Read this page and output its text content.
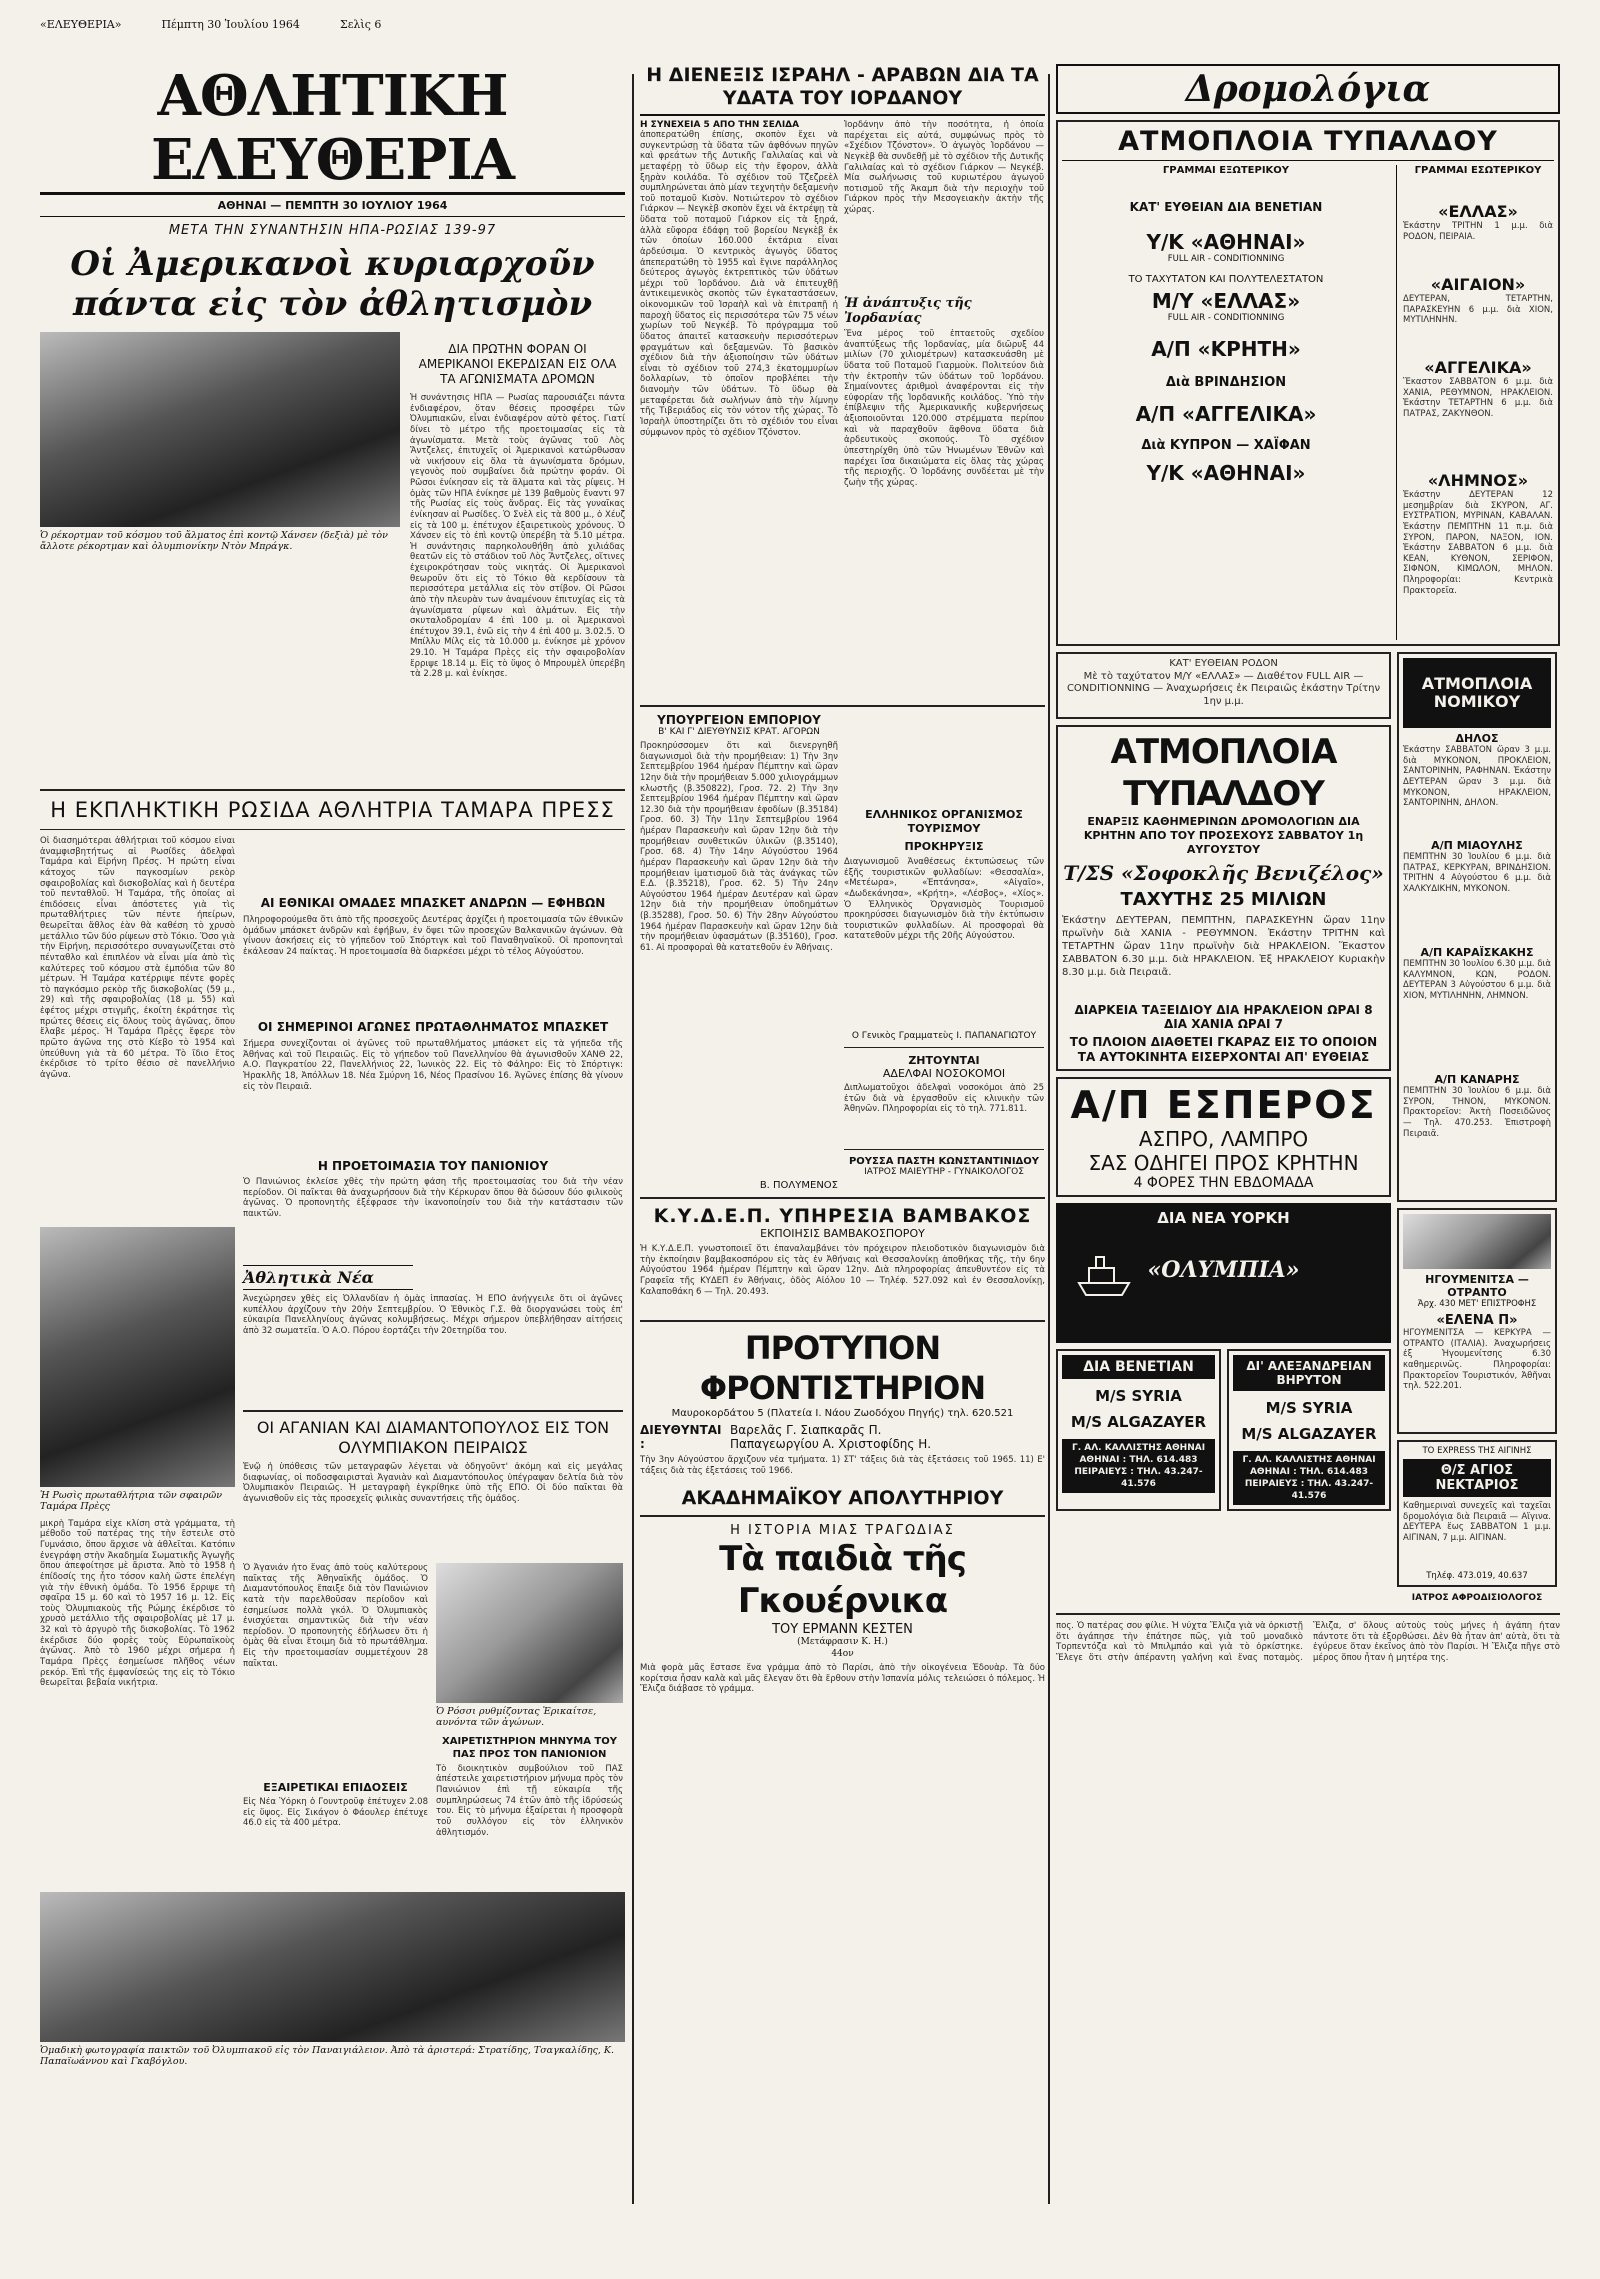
«ΕΛΕΥΘΕΡΙΑ»	Πέμπτη 30 Ἰουλίου 1964	Σελὶς 6
ΑΘΛΗΤΙΚΗ ΕΛΕΥΘΕΡΙΑ
ΑΘΗΝΑΙ — ΠΕΜΠΤΗ 30 ΙΟΥΛΙΟΥ 1964
ΜΕΤΑ ΤΗΝ ΣΥΝΑΝΤΗΣΙΝ ΗΠΑ-ΡΩΣΙΑΣ 139-97
Οἱ Ἀμερικανοὶ κυριαρχοῦν πάντα εἰς τὸν ἀθλητισμὸν
Ὁ ρέκορτμαν τοῦ κόσμου τοῦ ἅλματος ἐπὶ κοντῷ Χάνσεν (δεξιὰ) μὲ τὸν ἄλλοτε ρέκορτμαν καὶ ὀλυμπιονίκην Ντὸν Μπράγκ.
ΔΙΑ ΠΡΩΤΗΝ ΦΟΡΑΝ ΟΙ ΑΜΕΡΙΚΑΝΟΙ ΕΚΕΡΔΙΣΑΝ ΕΙΣ ΟΛΑ ΤΑ ΑΓΩΝΙΣΜΑΤΑ ΔΡΟΜΩΝ
Ἡ συνάντησις ΗΠΑ — Ρωσίας παρουσιάζει πάντα ἐνδιαφέρον, ὅταν θέσεις προσφέρει τῶν Ὀλυμπιακῶν, εἶναι ἐνδιαφέρον αὐτὸ φέτος. Γιατί δίνει τὸ μέτρο τῆς προετοιμασίας εἰς τὰ ἀγωνίσματα. Μετὰ τοὺς ἀγῶνας τοῦ Λὸς Ἄντζελες, ἐπιτυχεῖς οἱ Ἀμερικανοὶ κατώρθωσαν νὰ νικήσουν εἰς ὅλα τὰ ἀγωνίσματα δρόμων, γεγονὸς ποὺ συμβαίνει διὰ πρώτην φοράν. Οἱ Ρῶσοι ἐνίκησαν εἰς τὰ ἅλματα καὶ τὰς ρίψεις. Ἡ ὁμὰς τῶν ΗΠΑ ἐνίκησε μὲ 139 βαθμοὺς ἔναντι 97 τῆς Ρωσίας εἰς τοὺς ἄνδρας. Εἰς τὰς γυναῖκας ἐνίκησαν αἱ Ρωσίδες. Ὁ Σνὲλ εἰς τὰ 800 μ., ὁ Χέυζ εἰς τὰ 100 μ. ἐπέτυχον ἐξαιρετικοὺς χρόνους. Ὁ Χάνσεν εἰς τὸ ἐπὶ κοντῷ ὑπερέβη τὰ 5.10 μέτρα. Ἡ συνάντησις παρηκολουθήθη ἀπὸ χιλιάδας θεατῶν εἰς τὸ στάδιον τοῦ Λὸς Ἄντζελες, οἵτινες ἐχειροκρότησαν τοὺς νικητάς. Οἱ Ἀμερικανοὶ θεωροῦν ὅτι εἰς τὸ Τόκιο θὰ κερδίσουν τὰ περισσότερα μετάλλια εἰς τὸν στίβον. Οἱ Ρῶσοι ἀπὸ τὴν πλευρὰν των ἀναμένουν ἐπιτυχίας εἰς τὰ ἀγωνίσματα ρίψεων καὶ ἁλμάτων. Εἰς τὴν σκυταλοδρομίαν 4 ἐπὶ 100 μ. οἱ Ἀμερικανοὶ ἐπέτυχον 39.1, ἐνῶ εἰς τὴν 4 ἐπὶ 400 μ. 3.02.5. Ὁ Μπίλλυ Μίλς εἰς τὰ 10.000 μ. ἐνίκησε μὲ χρόνον 29.10. Ἡ Ταμάρα Πρὲςς εἰς τὴν σφαιροβολίαν ἔρριψε 18.14 μ. Εἰς τὸ ὕψος ὁ Μπρουμὲλ ὑπερέβη τὰ 2.28 μ. καὶ ἐνίκησε.
Η ΕΚΠΛΗΚΤΙΚΗ ΡΩΣΙΔΑ ΑΘΛΗΤΡΙΑ ΤΑΜΑΡΑ ΠΡΕΣΣ
Οἱ διασημότεραι ἀθλήτριαι τοῦ κόσμου εἶναι ἀναμφισβητήτως αἱ Ρωσίδες ἀδελφαὶ Ταμάρα καὶ Εἰρήνη Πρέσς. Ἡ πρώτη εἶναι κάτοχος τῶν παγκοσμίων ρεκὸρ σφαιροβολίας καὶ δισκοβολίας καὶ ἡ δευτέρα τοῦ πενταθλοῦ. Ἡ Ταμάρα, τῆς ὁποίας αἱ ἐπιδόσεις εἶναι ἀπόστετες γιὰ τὶς πρωταθλήτριες τῶν πέντε ἠπείρων, θεωρεῖται ἄθλος ἐὰν θὰ καθέση τὸ χρυσὸ μετάλλιο τῶν δύο ρίψεων στὸ Τόκιο. Ὅσο γιὰ τὴν Εἰρήνη, περισσότερο συναγωνίζεται στὸ πένταθλο καὶ ἐπιπλέον νὰ εἶναι μία ἀπὸ τὶς καλύτερες τοῦ κόσμου στὰ ἐμπόδια τῶν 80 μέτρων. Ἡ Ταμάρα κατέρριψε πέντε φορὲς τὸ παγκόσμιο ρεκὸρ τῆς δισκοβολίας (59 μ., 29) καὶ τῆς σφαιροβολίας (18 μ. 55) καὶ ἐφέτος μέχρι στιγμῆς, ἐκοίτη ἐκράτησε τὶς πρώτες θέσεις εἰς ὅλους τοὺς ἀγῶνας, ὅπου ἔλαβε μέρος. Ἡ Ταμάρα Πρὲςς ἔφερε τὸν πρῶτο ἀγῶνα της στὸ Κίεβο τὸ 1954 καὶ ὑπεύθυνη γιὰ τὰ 60 μέτρα. Τὸ ἴδιο ἔτος ἐκέρδισε τὸ τρίτο θέσιο σὲ πανελλήνιο ἀγῶνα.
Ἡ Ρωσὶς πρωταθλήτρια τῶν σφαιρῶν Ταμάρα Πρὲςς
μικρὴ Ταμάρα εἶχε κλίση στὰ γράμματα, τὴ μέθοδο τοῦ πατέρας της τὴν ἔστειλε στὸ Γυμνάσιο, ὅπου ἄρχισε νὰ ἀθλεῖται. Κατόπιν ἐνεγράφη στὴν Ἀκαδημία Σωματικῆς Ἀγωγῆς ὅπου ἀπεφοίτησε μὲ ἄριστα. Ἀπὸ τὸ 1958 ἡ ἐπίδοσίς της ἦτο τόσον καλὴ ὥστε ἐπελέγη γιὰ τὴν ἐθνικὴ ὁμάδα. Τὸ 1956 ἔρριψε τὴ σφαῖρα 15 μ. 60 καὶ τὸ 1957 16 μ. 12. Εἰς τοὺς Ὀλυμπιακοὺς τῆς Ρώμης ἐκέρδισε τὸ χρυσὸ μετάλλιο τῆς σφαιροβολίας μὲ 17 μ. 32 καὶ τὸ ἀργυρὸ τῆς δισκοβολίας. Τὸ 1962 ἐκέρδισε δύο φορὲς τοὺς Εὐρωπαϊκοὺς ἀγῶνας. Ἀπὸ τὸ 1960 μέχρι σήμερα ἡ Ταμάρα Πρὲςς ἐσημείωσε πλῆθος νέων ρεκόρ. Ἐπὶ τῆς ἐμφανίσεώς της εἰς τὸ Τόκιο θεωρεῖται βεβαία νικήτρια.
ΑΙ ΕΘΝΙΚΑΙ ΟΜΑΔΕΣ ΜΠΑΣΚΕΤ ΑΝΔΡΩΝ — ΕΦΗΒΩΝ
Πληροφορούμεθα ὅτι ἀπὸ τῆς προσεχοῦς Δευτέρας ἀρχίζει ἡ προετοιμασία τῶν ἐθνικῶν ὁμάδων μπάσκετ ἀνδρῶν καὶ ἐφήβων, ἐν ὄψει τῶν προσεχῶν Βαλκανικῶν ἀγώνων. Θὰ γίνουν ἀσκήσεις εἰς τὸ γήπεδον τοῦ Σπόρτιγκ καὶ τοῦ Παναθηναϊκοῦ. Οἱ προπονηταὶ ἐκάλεσαν 24 παίκτας. Ἡ προετοιμασία θὰ διαρκέσει μέχρι τὸ τέλος Αὐγούστου.
ΟΙ ΣΗΜΕΡΙΝΟΙ ΑΓΩΝΕΣ ΠΡΩΤΑΘΛΗΜΑΤΟΣ ΜΠΑΣΚΕΤ
Σήμερα συνεχίζονται οἱ ἀγῶνες τοῦ πρωταθλήματος μπάσκετ εἰς τὰ γήπεδα τῆς Ἀθήνας καὶ τοῦ Πειραιῶς. Εἰς τὸ γήπεδον τοῦ Πανελληνίου θὰ ἀγωνισθοῦν ΧΑΝΘ 22, Α.Ο. Παγκρατίου 22, Πανελλήνιος 22, Ἰωνικὸς 22. Εἰς τὸ Φάληρο: Εἰς τὸ Σπόρτιγκ: Ἡρακλῆς 18, Ἀπόλλων 18. Νέα Σμύρνη 16, Νέος Πρασίνου 16. Ἀγῶνες ἐπίσης θὰ γίνουν εἰς τὸν Πειραιᾶ.
Η ΠΡΟΕΤΟΙΜΑΣΙΑ ΤΟΥ ΠΑΝΙΟΝΙΟΥ
Ὁ Πανιώνιος ἐκλείσε χθὲς τὴν πρώτη φάση τῆς προετοιμασίας του διὰ τὴν νέαν περίοδον. Οἱ παῖκται θὰ ἀναχωρήσουν διὰ τὴν Κέρκυραν ὅπου θὰ δώσουν δύο φιλικοὺς ἀγῶνας. Ὁ προπονητὴς ἐξέφρασε τὴν ἱκανοποίησίν του διὰ τὴν κατάστασιν τῶν παικτῶν.
Ἀθλητικὰ Νέα
Ἀνεχώρησεν χθὲς εἰς Ὀλλανδίαν ἡ ὁμὰς ἱππασίας. Ἡ ΕΠΟ ἀνήγγειλε ὅτι οἱ ἀγῶνες κυπέλλου ἀρχίζουν τὴν 20ὴν Σεπτεμβρίου. Ὁ Ἐθνικὸς Γ.Σ. θὰ διοργανώσει τοὺς ἐπ' εὐκαιρία Πανελληνίους ἀγῶνας κολυμβήσεως. Μέχρι σήμερον ὑπεβλήθησαν αἰτήσεις ἀπὸ 32 σωματεῖα. Ὁ Α.Ο. Πόρου ἑορτάζει τὴν 20ετηρίδα του.
ΟΙ ΑΓΑΝΙΑΝ ΚΑΙ ΔΙΑΜΑΝΤΟΠΟΥΛΟΣ ΕΙΣ ΤΟΝ ΟΛΥΜΠΙΑΚΟΝ ΠΕΙΡΑΙΩΣ
Ἐνῷ ἡ ὑπόθεσις τῶν μεταγραφῶν λέγεται νὰ ὁδηγοῦντ' ἀκόμη καὶ εἰς μεγάλας διαφωνίας, οἱ ποδοσφαιρισταὶ Ἀγανιὰν καὶ Διαμαντόπουλος ὑπέγραψαν δελτία διὰ τὸν Ὀλυμπιακὸν Πειραιῶς. Ἡ μεταγραφὴ ἐγκρίθηκε ὑπὸ τῆς ΕΠΟ. Οἱ δύο παῖκται θὰ ἀγωνισθοῦν εἰς τὰς προσεχεῖς φιλικὰς συναντήσεις τῆς ὁμάδος.
Ὁ Ἀγανιάν ἦτο ἕνας ἀπὸ τοὺς καλύτερους παῖκτας τῆς Ἀθηναϊκῆς ὁμάδος. Ὁ Διαμαντόπουλος ἔπαιξε διὰ τὸν Πανιώνιον κατὰ τὴν παρελθοῦσαν περίοδον καὶ ἐσημείωσε πολλὰ γκόλ. Ὁ Ὀλυμπιακὸς ἐνισχύεται σημαντικῶς διὰ τὴν νέαν περίοδον. Ὁ προπονητὴς ἐδήλωσεν ὅτι ἡ ὁμὰς θὰ εἶναι ἕτοιμη διὰ τὸ πρωτάθλημα. Εἰς τὴν προετοιμασίαν συμμετέχουν 28 παῖκται.
ΕΞΑΙΡΕΤΙΚΑΙ ΕΠΙΔΟΣΕΙΣ
Εἰς Νέα Ὑόρκη ὁ Γουντροῦφ ἐπέτυχεν 2.08 εἰς ὕψος. Εἰς Σικάγον ὁ Φάουλερ ἐπέτυχε 46.0 εἰς τὰ 400 μέτρα.
Ὁ Ρόσσι ρυθμίζοντας Ἐρικαίτσε, αυνόντα τῶν ἀγώνων.
ΧΑΙΡΕΤΙΣΤΗΡΙΟΝ ΜΗΝΥΜΑ ΤΟΥ ΠΑΣ ΠΡΟΣ ΤΟΝ ΠΑΝΙΟΝΙΟΝ
Τὸ διοικητικὸν συμβούλιον τοῦ ΠΑΣ ἀπέστειλε χαιρετιστήριον μήνυμα πρὸς τὸν Πανιώνιον ἐπὶ τῇ εὐκαιρία τῆς συμπληρώσεως 74 ἐτῶν ἀπὸ τῆς ἱδρύσεώς του. Εἰς τὸ μήνυμα ἐξαίρεται ἡ προσφορὰ τοῦ συλλόγου εἰς τὸν ἑλληνικὸν ἀθλητισμόν.
Ὁμαδικὴ φωτογραφία παικτῶν τοῦ Ὀλυμπιακοῦ εἰς τὸν Παναιγιάλειον. Ἀπὸ τὰ ἀριστερά: Στρατίδης, Τσαγκαλίδης, Κ. Παπαϊωάννου καὶ Γκαβόγλου.
Η ΔΙΕΝΕΞΙΣ ΙΣΡΑΗΛ - ΑΡΑΒΩΝ ΔΙΑ ΤΑ ΥΔΑΤΑ ΤΟΥ ΙΟΡΔΑΝΟΥ
Η ΣΥΝΕΧΕΙΑ 5 ΑΠΟ ΤΗΝ ΣΕΛΙΔΑ
ἀποπερατώθη ἐπίσης, σκοπὸν ἔχει νὰ συγκεντρώσῃ τὰ ὕδατα τῶν ἀφθόνων πηγῶν καὶ φρεάτων τῆς Δυτικῆς Γαλιλαίας καὶ νὰ μεταφέρῃ τὸ ὕδωρ εἰς τὴν ἔφορον, ἀλλὰ ξηρὰν κοιλάδα. Τὸ σχέδιον τοῦ Τζεζρεὲλ συμπληρώνεται ἀπὸ μίαν τεχνητὴν δεξαμενὴν τοῦ ποταμοῦ Κισὸν. Νοτιώτερον τὸ σχέδιον Γιάρκον — Νεγκὲβ σκοπὸν ἔχει νὰ ἐκτρέψῃ τὰ ὕδατα τοῦ ποταμοῦ Γιάρκον εἰς τὰ ξηρά, ἀλλὰ εὔφορα ἐδάφη τοῦ βορείου Νεγκὲβ ἐκ τῶν ὁποίων 160.000 ἐκτάρια εἶναι ἀρδεύσιμα. Ὁ κεντρικὸς ἀγωγὸς ὕδατος ἀπεπερατώθη τὸ 1955 καὶ ἔγινε παράλληλος δεύτερος ἀγωγὸς ἐκτρεπτικὸς τῶν ὑδάτων μέχρι τοῦ Ἰορδάνου. Διὰ νὰ ἐπιτευχθῇ ἀντικειμενικὸς σκοπὸς τῶν ἐγκαταστάσεων, οἰκονομικῶν τοῦ Ἰσραὴλ καὶ νὰ ἐπιτραπῇ ἡ παροχὴ ὕδατος εἰς περισσότερα τῶν 75 νέων χωρίων τοῦ Νεγκέβ. Τὸ πρόγραμμα τοῦ ὕδατος ἀπαιτεῖ κατασκευὴν περισσότερων φραγμάτων καὶ δεξαμενῶν. Τὸ βασικὸν σχέδιον διὰ τὴν ἀξιοποίησιν τῶν ὑδάτων εἶναι τὸ σχέδιον τοῦ 274,3 ἑκατομμυρίων δολλαρίων, τὸ ὁποῖον προβλέπει τὴν διανομὴν τῶν ὑδάτων. Τὸ ὕδωρ θὰ μεταφέρεται διὰ σωλήνων ἀπὸ τὴν λίμνην τῆς Τιβεριάδος εἰς τὸν νότον τῆς χώρας. Τὸ Ἰσραὴλ ὑποστηρίζει ὅτι τὸ σχέδιόν του εἶναι σύμφωνον πρὸς τὸ σχέδιον Τζόνστον.
Ἰορδάνην ἀπὸ τὴν ποσότητα, ἡ ὁποία παρέχεται εἰς αὐτά, συμφώνως πρὸς τὸ «Σχέδιον Τζόνστον». Ὁ ἀγωγὸς Ἰορδάνου — Νεγκὲβ θὰ συνδεθῇ μὲ τὸ σχέδιον τῆς Δυτικῆς Γαλιλαίας καὶ τὸ σχέδιον Γιάρκον — Νεγκέβ. Μία σωλήνωσις τοῦ κυριωτέρου ἀγωγοῦ ποτισμοῦ τῆς Ἀκαμπ διὰ τὴν περιοχὴν τοῦ Γιάρκον πρὸς τὴν Μεσογειακὴν ἀκτὴν τῆς χώρας.
Ἡ ἀνάπτυξις τῆς Ἰορδανίας
Ἕνα μέρος τοῦ ἐπταετοῦς σχεδίου ἀναπτύξεως τῆς Ἰορδανίας, μία διῶρυξ 44 μιλίων (70 χιλιομέτρων) κατασκευάσθη μὲ ὕδατα τοῦ Ποταμοῦ Γιαρμοὺκ. Πολιτεύον διὰ τὴν ἐκτροπὴν τῶν ὑδάτων τοῦ Ἰορδάνου. Σημαίνοντες ἀριθμοὶ ἀναφέρονται εἰς τὴν εὐφορίαν τῆς Ἰορδανικῆς κοιλάδος. Ὑπὸ τὴν ἐπίβλεψιν τῆς Ἀμερικανικῆς κυβερνήσεως ἀξιοποιοῦνται 120.000 στρέμματα περίπου καὶ νὰ παραχθοῦν ἄφθονα ὕδατα διὰ ἀρδευτικοὺς σκοπούς. Τὸ σχέδιον ὑπεστηρίχθη ὑπὸ τῶν Ἡνωμένων Ἐθνῶν καὶ παρέχει ἴσα δικαιώματα εἰς ὅλας τὰς χώρας τῆς περιοχῆς. Ὁ Ἰορδάνης συνδέεται μὲ τὴν ζωὴν τῆς χώρας.
ΥΠΟΥΡΓΕΙΟΝ ΕΜΠΟΡΙΟΥ
Β' ΚΑΙ Γ' ΔΙΕΥΘΥΝΣΙΣ ΚΡΑΤ. ΑΓΟΡΩΝ
Προκηρύσσομεν ὅτι καὶ διενεργηθῆ διαγωνισμοὶ διὰ τὴν προμήθειαν: 1) Τὴν 3ην Σεπτεμβρίου 1964 ἡμέραν Πέμπτην καὶ ὥραν 12ην διὰ τὴν προμήθειαν 5.000 χιλιογράμμων κλωστῆς (β.350822), Γροσ. 72. 2) Τὴν 3ην Σεπτεμβρίου 1964 ἡμέραν Πέμπτην καὶ ὥραν 12.30 διὰ τὴν προμήθειαν ἐφοδίων (β.35184) Γροσ. 60. 3) Τὴν 11ην Σεπτεμβρίου 1964 ἡμέραν Παρασκευὴν καὶ ὥραν 12ην διὰ τὴν προμήθειαν συνθετικῶν ὑλικῶν (β.35140), Γροσ. 68. 4) Τὴν 14ην Αὐγούστου 1964 ἡμέραν Παρασκευὴν καὶ ὥραν 12ην διὰ τὴν προμήθειαν ἱματισμοῦ διὰ τὰς ἀνάγκας τῶν Ε.Δ. (β.35218), Γροσ. 62. 5) Τὴν 24ην Αὐγούστου 1964 ἡμέραν Δευτέραν καὶ ὥραν 12ην διὰ τὴν προμήθειαν ὑποδημάτων (β.35288), Γροσ. 50. 6) Τὴν 28ην Αὐγούστου 1964 ἡμέραν Παρασκευὴν καὶ ὥραν 12ην διὰ τὴν προμήθειαν ὑφασμάτων (β.35160), Γροσ. 61. Αἱ προσφοραὶ θὰ κατατεθοῦν ἐν Ἀθήναις.
Β. ΠΟΛΥΜΕΝΟΣ
ΕΛΛΗΝΙΚΟΣ ΟΡΓΑΝΙΣΜΟΣ ΤΟΥΡΙΣΜΟΥ
ΠΡΟΚΗΡΥΞΙΣ
Διαγωνισμοῦ Ἀναθέσεως ἐκτυπώσεως τῶν ἐξῆς τουριστικῶν φυλλαδίων: «Θεσσαλία», «Μετέωρα», «Ἑπτάνησα», «Αἰγαῖο», «Δωδεκάνησα», «Κρήτη», «Λέσβος», «Χίος». Ὁ Ἑλληνικὸς Ὀργανισμὸς Τουρισμοῦ προκηρύσσει διαγωνισμὸν διὰ τὴν ἐκτύπωσιν τουριστικῶν φυλλαδίων. Αἱ προσφοραὶ θὰ κατατεθοῦν μέχρι τῆς 20ῆς Αὐγούστου.
Ο Γενικὸς Γραμματεὺς Ι. ΠΑΠΑΝΑΓΙΩΤΟΥ
ΖΗΤΟΥΝΤΑΙ
ΑΔΕΛΦΑΙ ΝΟΣΟΚΟΜΟΙ
Διπλωματοῦχοι ἀδελφαὶ νοσοκόμοι ἀπὸ 25 ἐτῶν διὰ νὰ ἐργασθοῦν εἰς κλινικὴν τῶν Ἀθηνῶν. Πληροφορίαι εἰς τὸ τηλ. 771.811.
ΡΟΥΣΣΑ ΠΑΣΤΗ ΚΩΝΣΤΑΝΤΙΝΙΔΟΥ
ΙΑΤΡΟΣ ΜΑΙΕΥΤΗΡ - ΓΥΝΑΙΚΟΛΟΓΟΣ
Κ.Υ.Δ.Ε.Π. ΥΠΗΡΕΣΙΑ ΒΑΜΒΑΚΟΣ
ΕΚΠΟΙΗΣΙΣ ΒΑΜΒΑΚΟΣΠΟΡΟΥ
Ἡ Κ.Υ.Δ.Ε.Π. γνωστοποιεῖ ὅτι ἐπαναλαμβάνει τὸν πρόχειρον πλειοδοτικὸν διαγωνισμὸν διὰ τὴν ἐκποίησιν βαμβακοσπόρου εἰς τὰς ἐν Ἀθήναις καὶ Θεσσαλονίκῃ ἀποθήκας τῆς, τὴν 6ην Αὐγούστου 1964 ἡμέραν Πέμπτην καὶ ὥραν 12ην. Διὰ πληροφορίας ἀπευθυντέον εἰς τὰ Γραφεῖα τῆς ΚΥΔΕΠ ἐν Ἀθήναις, ὁδὸς Αἰόλου 10 — Τηλέφ. 527.092 καὶ ἐν Θεσσαλονίκῃ, Καλαποθάκη 6 — Τηλ. 20.493.
ΠΡΟΤΥΠΟΝ ΦΡΟΝΤΙΣΤΗΡΙΟΝ
Μαυροκορδάτου 5 (Πλατεία Ι. Νάου Ζωοδόχου Πηγής) τηλ. 620.521
ΔΙΕΥΘΥΝΤΑΙ :
Βαρελᾶς Γ. Σιαπκαρᾶς Π.
Παπαγεωργίου Α. Χριστοφίδης Η.
Τὴν 3ην Αὐγούστου ἄρχιζουν νέα τμήματα. 1) ΣΤ' τάξεις διὰ τὰς ἐξετάσεις τοῦ 1965. 11) Ε' τάξεις διὰ τὰς ἐξετάσεις τοῦ 1966.
ΑΚΑΔΗΜΑΪΚΟΥ ΑΠΟΛΥΤΗΡΙΟΥ
Η ΙΣΤΟΡΙΑ ΜΙΑΣ ΤΡΑΓΩΔΙΑΣ
Τὰ παιδιὰ τῆς Γκουέρνικα
ΤΟΥ ΕΡΜΑΝΝ ΚΕΣΤΕΝ
(Μετάφρασιν Κ. Η.)
44ον
Μιὰ φορὰ μᾶς ἔστασε ἕνα γράμμα ἀπὸ τὸ Παρίσι, ἀπὸ τὴν οἰκογένεια Ἐδουὰρ. Τὰ δύο κορίτσια ἦσαν καλὰ καὶ μᾶς ἔλεγαν ὅτι θὰ ἔρθουν στὴν Ἱσπανία μόλις τελειώσει ὁ πόλεμος. Ἡ Ἔλιζα διάβασε τὸ γράμμα.
Δρομολόγια
ΑΤΜΟΠΛΟΙΑ ΤΥΠΑΛΔΟΥ
ΓΡΑΜΜΑΙ ΕΞΩΤΕΡΙΚΟΥ
ΚΑΤ' ΕΥΘΕΙΑΝ ΔΙΑ ΒΕΝΕΤΙΑΝ
Υ/Κ «ΑΘΗΝΑΙ»
FULL AIR - CONDITIONNING
ΤΟ ΤΑΧΥΤΑΤΟΝ ΚΑΙ ΠΟΛΥΤΕΛΕΣΤΑΤΟΝ
Μ/Υ «ΕΛΛΑΣ»
FULL AIR - CONDITIONNING
Α/Π «ΚΡΗΤΗ»
Διὰ ΒΡΙΝΔΗΣΙΟΝ
Α/Π «ΑΓΓΕΛΙΚΑ»
Διὰ ΚΥΠΡΟΝ — ΧΑΪΦΑΝ
Υ/Κ «ΑΘΗΝΑΙ»
ΓΡΑΜΜΑΙ ΕΣΩΤΕΡΙΚΟΥ
«ΕΛΛΑΣ»
Ἑκάστην ΤΡΙΤΗΝ 1 μ.μ. διὰ ΡΟΔΟΝ, ΠΕΙΡΑΙΑ.
«ΑΙΓΑΙΟΝ»
ΔΕΥΤΕΡΑΝ, ΤΕΤΑΡΤΗΝ, ΠΑΡΑΣΚΕΥΗΝ 6 μ.μ. διὰ ΧΙΟΝ, ΜΥΤΙΛΗΝΗΝ.
«ΑΓΓΕΛΙΚΑ»
Ἕκαστον ΣΑΒΒΑΤΟΝ 6 μ.μ. διὰ ΧΑΝΙΑ, ΡΕΘΥΜΝΟΝ, ΗΡΑΚΛΕΙΟΝ. Ἑκάστην ΤΕΤΑΡΤΗΝ 6 μ.μ. διὰ ΠΑΤΡΑΣ, ΖΑΚΥΝΘΟΝ.
«ΛΗΜΝΟΣ»
Ἑκάστην ΔΕΥΤΕΡΑΝ 12 μεσημβρίαν διὰ ΣΚΥΡΟΝ, ΑΓ. ΕΥΣΤΡΑΤΙΟΝ, ΜΥΡΙΝΑΝ, ΚΑΒΑΛΑΝ. Ἑκάστην ΠΕΜΠΤΗΝ 11 π.μ. διὰ ΣΥΡΟΝ, ΠΑΡΟΝ, ΝΑΞΟΝ, ΙΟΝ. Ἑκάστην ΣΑΒΒΑΤΟΝ 6 μ.μ. διὰ ΚΕΑΝ, ΚΥΘΝΟΝ, ΣΕΡΙΦΟΝ, ΣΙΦΝΟΝ, ΚΙΜΩΛΟΝ, ΜΗΛΟΝ. Πληροφορίαι: Κεντρικὰ Πρακτορεῖα.
ΚΑΤ' ΕΥΘΕΙΑΝ ΡΟΔΟΝ
Μὲ τὸ ταχύτατον Μ/Υ «ΕΛΛΑΣ» — Διαθέτον FULL AIR — CONDITIONNING — Ἀναχωρήσεις ἐκ Πειραιῶς ἑκάστην Τρίτην 1ην μ.μ.
ΑΤΜΟΠΛΟΙΑ ΤΥΠΑΛΔΟΥ
ΕΝΑΡΞΙΣ ΚΑΘΗΜΕΡΙΝΩΝ ΔΡΟΜΟΛΟΓΙΩΝ ΔΙΑ ΚΡΗΤΗΝ ΑΠΟ ΤΟΥ ΠΡΟΣΕΧΟΥΣ ΣΑΒΒΑΤΟΥ 1η ΑΥΓΟΥΣΤΟΥ
Τ/ΣS «Σοφοκλῆς Βενιζέλος»
ΤΑΧΥΤΗΣ 25 ΜΙΛΙΩΝ
Ἑκάστην ΔΕΥΤΕΡΑΝ, ΠΕΜΠΤΗΝ, ΠΑΡΑΣΚΕΥΗΝ ὥραν 11ην πρωϊνὴν διὰ ΧΑΝΙΑ - ΡΕΘΥΜΝΟΝ. Ἑκάστην ΤΡΙΤΗΝ καὶ ΤΕΤΑΡΤΗΝ ὥραν 11ην πρωϊνὴν διὰ ΗΡΑΚΛΕΙΟΝ. Ἕκαστον ΣΑΒΒΑΤΟΝ 6.30 μ.μ. διὰ ΗΡΑΚΛΕΙΟΝ. Ἐξ ΗΡΑΚΛΕΙΟΥ Κυριακὴν 8.30 μ.μ. διὰ Πειραιᾶ.
ΔΙΑΡΚΕΙΑ ΤΑΞΕΙΔΙΟΥ ΔΙΑ ΗΡΑΚΛΕΙΟΝ ΩΡΑΙ 8
ΔΙΑ ΧΑΝΙΑ ΩΡΑΙ 7
ΤΟ ΠΛΟΙΟΝ ΔΙΑΘΕΤΕΙ ΓΚΑΡΑΖ ΕΙΣ ΤΟ ΟΠΟΙΟΝ ΤΑ ΑΥΤΟΚΙΝΗΤΑ ΕΙΣΕΡΧΟΝΤΑΙ ΑΠ' ΕΥΘΕΙΑΣ
Α/Π ΕΣΠΕΡΟΣ
ΑΣΠΡΟ, ΛΑΜΠΡΟ
ΣΑΣ ΟΔΗΓΕΙ ΠΡΟΣ ΚΡΗΤΗΝ
4 ΦΟΡΕΣ ΤΗΝ ΕΒΔΟΜΑΔΑ
ΔΙΑ ΝΕΑ ΥΟΡΚΗ
«ΟΛΥΜΠΙΑ»
ΔΙΑ ΒΕΝΕΤΙΑΝ
M/S SYRIA
M/S ALGAZAYER
Γ. ΑΛ. ΚΑΛΛΙΣΤΗΣ ΑΘΗΝΑΙ
ΑΘΗΝΑΙ : ΤΗΛ. 614.483
ΠΕΙΡΑΙΕΥΣ : ΤΗΛ. 43.247-41.576
ΔΙ' ΑΛΕΞΑΝΔΡΕΙΑΝ ΒΗΡΥΤΟΝ
M/S SYRIA
M/S ALGAZAYER
Γ. ΑΛ. ΚΑΛΛΙΣΤΗΣ ΑΘΗΝΑΙ
ΑΘΗΝΑΙ : ΤΗΛ. 614.483
ΠΕΙΡΑΙΕΥΣ : ΤΗΛ. 43.247-41.576
ΑΤΜΟΠΛΟΙΑ ΝΟΜΙΚΟΥ
ΔΗΛΟΣ
Ἑκάστην ΣΑΒΒΑΤΟΝ ὥραν 3 μ.μ. διὰ ΜΥΚΟΝΟΝ, ΠΡΟΚΛΕΙΟΝ, ΣΑΝΤΟΡΙΝΗΝ, ΡΑΦΗΝΑΝ. Ἑκάστην ΔΕΥΤΕΡΑΝ ὥραν 3 μ.μ. διὰ ΜΥΚΟΝΟΝ, ΗΡΑΚΛΕΙΟΝ, ΣΑΝΤΟΡΙΝΗΝ, ΔΗΛΟΝ.
Α/Π ΜΙΑΟΥΛΗΣ
ΠΕΜΠΤΗΝ 30 Ἰουλίου 6 μ.μ. διὰ ΠΑΤΡΑΣ, ΚΕΡΚΥΡΑΝ, ΒΡΙΝΔΗΣΙΟΝ. ΤΡΙΤΗΝ 4 Αὐγούστου 6 μ.μ. διὰ ΧΑΛΚΥΔΙΚΗΝ, ΜΥΚΟΝΟΝ.
Α/Π ΚΑΡΑΪΣΚΑΚΗΣ
ΠΕΜΠΤΗΝ 30 Ἰουλίου 6.30 μ.μ. διὰ ΚΑΛΥΜΝΟΝ, ΚΩΝ, ΡΟΔΟΝ. ΔΕΥΤΕΡΑΝ 3 Αὐγούστου 6 μ.μ. διὰ ΧΙΟΝ, ΜΥΤΙΛΗΝΗΝ, ΛΗΜΝΟΝ.
Α/Π ΚΑΝΑΡΗΣ
ΠΕΜΠΤΗΝ 30 Ἰουλίου 6 μ.μ. διὰ ΣΥΡΟΝ, ΤΗΝΟΝ, ΜΥΚΟΝΟΝ. Πρακτορεῖον: Ἀκτὴ Ποσειδῶνος — Τηλ. 470.253. Ἐπιστροφὴ Πειραιᾶ.
ΗΓΟΥΜΕΝΙΤΣΑ — ΟΤΡΑΝΤΟ
Ἀρχ. 430 ΜΕΤ' ΕΠΙΣΤΡΟΦΗΣ
«ΕΛΕΝΑ Π»
ΗΓΟΥΜΕΝΙΤΣΑ — ΚΕΡΚΥΡΑ — ΟΤΡΑΝΤΟ (ΙΤΑΛΙΑ). Ἀναχωρήσεις ἐξ Ἡγουμενίτσης 6.30 καθημερινῶς. Πληροφορίαι: Πρακτορεῖον Τουριστικόν, Ἀθῆναι τηλ. 522.201.
ΤΟ EXPRESS ΤΗΣ ΑΙΓΙΝΗΣ
Θ/Σ ΑΓΙΟΣ ΝΕΚΤΑΡΙΟΣ
Καθημεριναὶ συνεχεῖς καὶ ταχεῖαι δρομολόγια διὰ Πειραιᾶ — Αἴγινα. ΔΕΥΤΕΡΑ ἕως ΣΑΒΒΑΤΟΝ 1 μ.μ. ΑΙΓΙΝΑΝ, 7 μ.μ. ΑΙΓΙΝΑΝ.
Τηλέφ. 473.019, 40.637
ΙΑΤΡΟΣ ΑΦΡΟΔΙΣΙΟΛΟΓΟΣ
πος. Ὁ πατέρας σου φίλιε. Ἡ νύχτα Ἔλιζα γιὰ νὰ ὀρκιστῇ ὅτι ἀγάπησε τὴν ἐπάτησε πῶς, γιὰ τοῦ μοναδικὸ Τορπεντόζα καὶ τὸ Μπιλμπάο καὶ γιὰ τὸ ὀρκίστηκε. Ἔλεγε ὅτι στὴν ἀπέραντη γαλήνη καὶ ἕνας ποταμὸς. Ἔλιζα, σ' ὅλους αὐτοὺς τοὺς μήνες ἡ ἀγάπη ἦταν πάντοτε ὅτι τὰ ἐξορθώσει. Δὲν θὰ ἦταν ἀπ' αὐτὰ, ὅτι τὰ ἐγύρευε ὅταν ἐκεῖνος ἀπὸ τὸν Παρίσι. Ἡ Ἔλιζα πῆγε στὸ μέρος ὅπου ἦταν ἡ μητέρα της.
